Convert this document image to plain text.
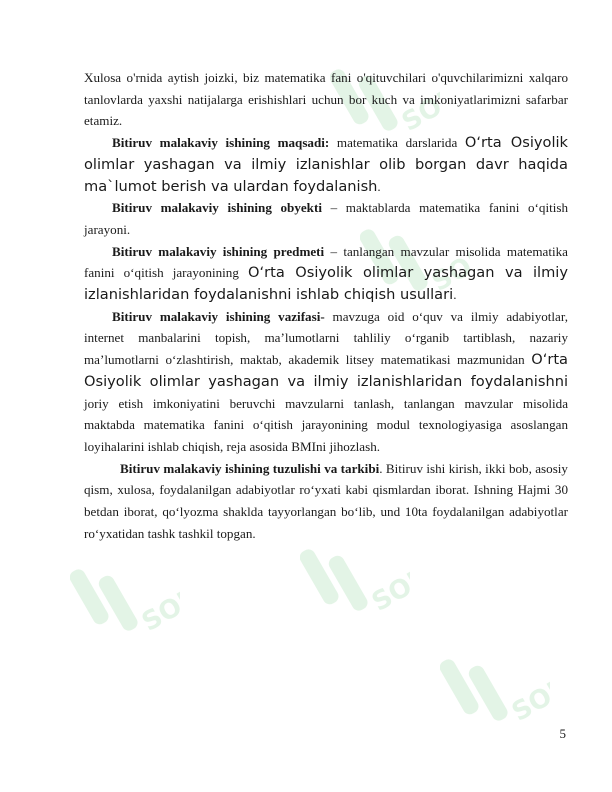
SOFF
SOFF
SOFF	SOFF
SOFF

Xulosa o'rnida aytish joizki, biz matematika fani o'qituvchilari o'quvchilarimizni xalqaro tanlovlarda yaxshi natijalarga erishishlari uchun bor kuch va imkoniyatlarimizni safarbar etamiz.

Bitiruv malakaviy ishining maqsadi: matematika darslarida O‘rta Osiyolik olimlar yashagan va ilmiy izlanishlar olib borgan davr haqida ma`lumot berish va ulardan foydalanish.

Bitiruv malakaviy ishining obyekti – maktablarda matematika fanini o‘qitish jarayoni.

Bitiruv malakaviy ishining predmeti – tanlangan mavzular misolida matematika fanini o‘qitish jarayonining O‘rta Osiyolik olimlar yashagan va ilmiy izlanishlaridan foydalanishni ishlab chiqish usullari.

Bitiruv malakaviy ishining vazifasi- mavzuga oid o‘quv va ilmiy adabiyotlar, internet manbalarini topish, ma’lumotlarni tahliliy o‘rganib tartiblash, nazariy ma’lumotlarni o‘zlashtirish, maktab, akademik litsey matematikasi mazmunidan O‘rta Osiyolik olimlar yashagan va ilmiy izlanishlaridan foydalanishni joriy etish imkoniyatini beruvchi mavzularni tanlash, tanlangan mavzular misolida maktabda matematika fanini o‘qitish jarayonining modul texnologiyasiga asoslangan loyihalarini ishlab chiqish, reja asosida BMIni jihozlash.

Bitiruv malakaviy ishining tuzulishi va tarkibi. Bitiruv ishi kirish, ikki bob, asosiy qism, xulosa, foydalanilgan adabiyotlar ro‘yxati kabi qismlardan iborat. Ishning Hajmi 30 betdan iborat, qo‘lyozma shaklda tayyorlangan bo‘lib, und 10ta foydalanilgan adabiyotlar ro‘yxatidan tashk tashkil topgan.

5
